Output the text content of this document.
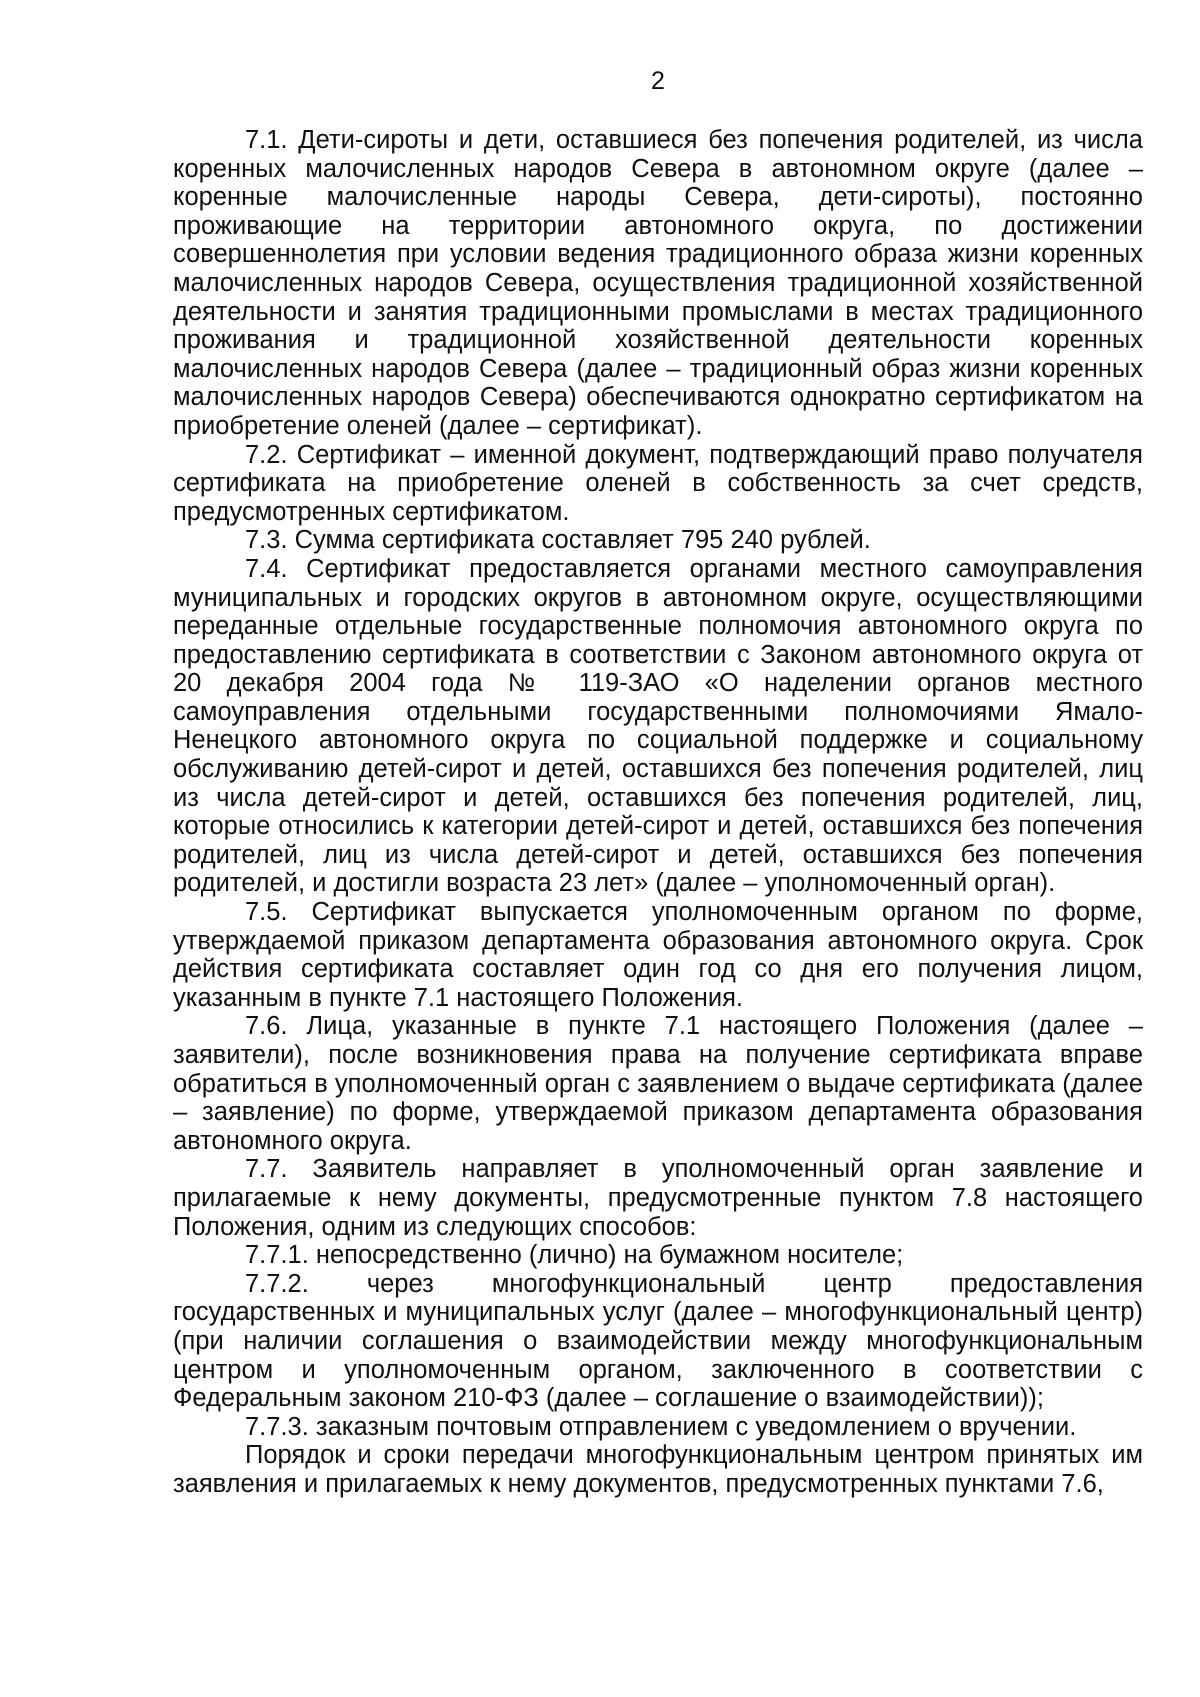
2

7.1. Дети-сироты и дети, оставшиеся без попечения родителей, из числа коренных малочисленных народов Севера в автономном округе (далее – коренные малочисленные народы Севера, дети-сироты), постоянно проживающие на территории автономного округа, по достижении совершеннолетия при условии ведения традиционного образа жизни коренных малочисленных народов Севера, осуществления традиционной хозяйственной деятельности и занятия традиционными промыслами в местах традиционного проживания и традиционной хозяйственной деятельности коренных малочисленных народов Севера (далее – традиционный образ жизни коренных малочисленных народов Севера) обеспечиваются однократно сертификатом на приобретение оленей (далее – сертификат).

7.2. Сертификат – именной документ, подтверждающий право получателя сертификата на приобретение оленей в собственность за счет средств, предусмотренных сертификатом.

7.3. Сумма сертификата составляет 795 240 рублей.

7.4. Сертификат предоставляется органами местного самоуправления муниципальных и городских округов в автономном округе, осуществляющими переданные отдельные государственные полномочия автономного округа по предоставлению сертификата в соответствии с Законом автономного округа от 20 декабря 2004 года № 119-ЗАО «О наделении органов местного самоуправления отдельными государственными полномочиями Ямало-Ненецкого автономного округа по социальной поддержке и социальному обслуживанию детей-сирот и детей, оставшихся без попечения родителей, лиц из числа детей-сирот и детей, оставшихся без попечения родителей, лиц, которые относились к категории детей-сирот и детей, оставшихся без попечения родителей, лиц из числа детей-сирот и детей, оставшихся без попечения родителей, и достигли возраста 23 лет» (далее – уполномоченный орган).

7.5. Сертификат выпускается уполномоченным органом по форме, утверждаемой приказом департамента образования автономного округа. Срок действия сертификата составляет один год со дня его получения лицом, указанным в пункте 7.1 настоящего Положения.

7.6. Лица, указанные в пункте 7.1 настоящего Положения (далее – заявители), после возникновения права на получение сертификата вправе обратиться в уполномоченный орган с заявлением о выдаче сертификата (далее – заявление) по форме, утверждаемой приказом департамента образования автономного округа.

7.7. Заявитель направляет в уполномоченный орган заявление и прилагаемые к нему документы, предусмотренные пунктом 7.8 настоящего Положения, одним из следующих способов:

7.7.1. непосредственно (лично) на бумажном носителе;

7.7.2. через многофункциональный центр предоставления государственных и муниципальных услуг (далее – многофункциональный центр) (при наличии соглашения о взаимодействии между многофункциональным центром и уполномоченным органом, заключенного в соответствии с Федеральным законом 210-ФЗ (далее – соглашение о взаимодействии));

7.7.3. заказным почтовым отправлением с уведомлением о вручении.

Порядок и сроки передачи многофункциональным центром принятых им заявления и прилагаемых к нему документов, предусмотренных пунктами 7.6,
